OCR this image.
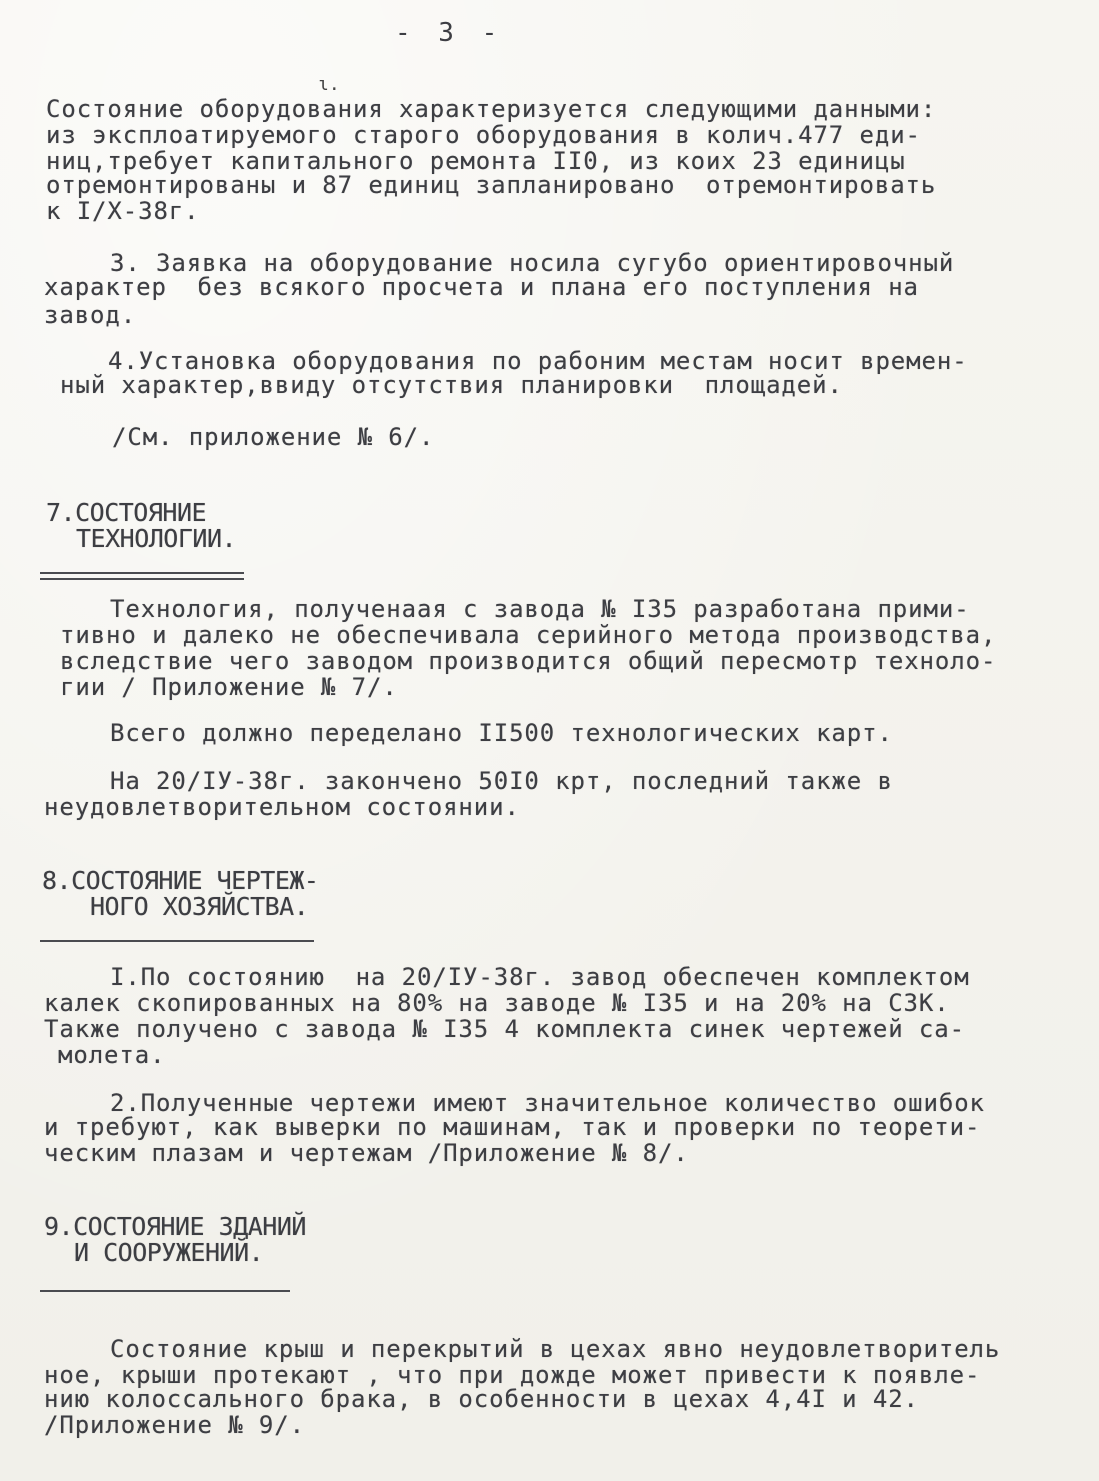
- 3 -
ɩ.
Состояние оборудования характеризуется следующими данными:
из эксплоатируемого старого оборудования в колич.477 еди-
ниц,требует капитального ремонта II0, из коих 23 единицы
отремонтированы и 87 единиц запланировано  отремонтировать
к I/X-38г.
3. Заявка на оборудование носила сугубо ориентировочный
характер  без всякого просчета и плана его поступления на
завод.
4.Установка оборудования по рабоним местам носит времен-
ный характер,ввиду отсутствия планировки  площадей.
/См. приложение № 6/.
7.СОСТОЯНИЕ
ТЕХНОЛОГИИ.
Технология, полученаая с завода № I35 разработана прими-
тивно и далеко не обеспечивала серийного метода производства,
вследствие чего заводом производится общий пересмотр техноло-
гии / Приложение № 7/.
Всего должно переделано II500 технологических карт.
На 20/IУ-38г. закончено 50I0 крт, последний также в
неудовлетворительном состоянии.
8.СОСТОЯНИЕ ЧЕРТЕЖ-
НОГО ХОЗЯЙСТВА.
I.По состоянию  на 20/IУ-38г. завод обеспечен комплектом
калек скопированных на 80% на заводе № I35 и на 20% на СЗК.
Также получено с завода № I35 4 комплекта синек чертежей са-
молета.
2.Полученные чертежи имеют значительное количество ошибок
и требуют, как выверки по машинам, так и проверки по теорети-
ческим плазам и чертежам /Приложение № 8/.
9.СОСТОЯНИЕ ЗДАНИЙ
И СООРУЖЕНИЙ.
Состояние крыш и перекрытий в цехах явно неудовлетворитель
ное, крыши протекают , что при дожде может привести к появле-
нию колоссального брака, в особенности в цехах 4,4I и 42.
/Приложение № 9/.
